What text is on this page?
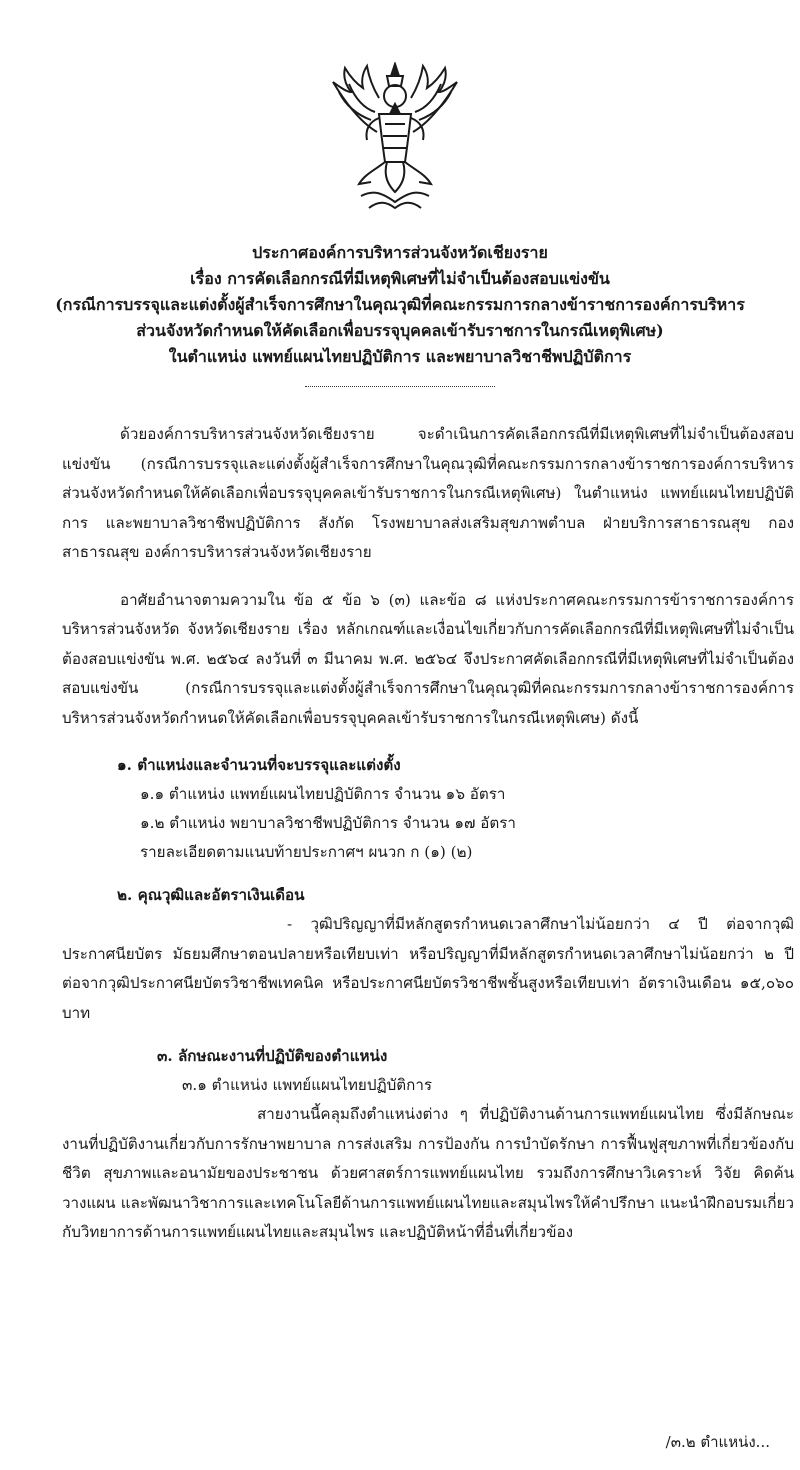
ประกาศองค์การบริหารส่วนจังหวัดเชียงราย
เรื่อง การคัดเลือกกรณีที่มีเหตุพิเศษที่ไม่จำเป็นต้องสอบแข่งขัน
(กรณีการบรรจุและแต่งตั้งผู้สำเร็จการศึกษาในคุณวุฒิที่คณะกรรมการกลางข้าราชการองค์การบริหาร
ส่วนจังหวัดกำหนดให้คัดเลือกเพื่อบรรจุบุคคลเข้ารับราชการในกรณีเหตุพิเศษ)
ในตำแหน่ง แพทย์แผนไทยปฏิบัติการ และพยาบาลวิชาชีพปฏิบัติการ

ด้วยองค์การบริหารส่วนจังหวัดเชียงราย จะดำเนินการคัดเลือกกรณีที่มีเหตุพิเศษที่ไม่จำเป็นต้องสอบแข่งขัน (กรณีการบรรจุและแต่งตั้งผู้สำเร็จการศึกษาในคุณวุฒิที่คณะกรรมการกลางข้าราชการองค์การบริหารส่วนจังหวัดกำหนดให้คัดเลือกเพื่อบรรจุบุคคลเข้ารับราชการในกรณีเหตุพิเศษ) ในตำแหน่ง แพทย์แผนไทยปฏิบัติการ และพยาบาลวิชาชีพปฏิบัติการ สังกัด โรงพยาบาลส่งเสริมสุขภาพตำบล ฝ่ายบริการสาธารณสุข กองสาธารณสุข องค์การบริหารส่วนจังหวัดเชียงราย

อาศัยอำนาจตามความใน ข้อ ๕ ข้อ ๖ (๓) และข้อ ๘ แห่งประกาศคณะกรรมการข้าราชการองค์การบริหารส่วนจังหวัด จังหวัดเชียงราย เรื่อง หลักเกณฑ์และเงื่อนไขเกี่ยวกับการคัดเลือกกรณีที่มีเหตุพิเศษที่ไม่จำเป็นต้องสอบแข่งขัน พ.ศ. ๒๕๖๔ ลงวันที่ ๓ มีนาคม พ.ศ. ๒๕๖๔ จึงประกาศคัดเลือกกรณีที่มีเหตุพิเศษที่ไม่จำเป็นต้องสอบแข่งขัน (กรณีการบรรจุและแต่งตั้งผู้สำเร็จการศึกษาในคุณวุฒิที่คณะกรรมการกลางข้าราชการองค์การบริหารส่วนจังหวัดกำหนดให้คัดเลือกเพื่อบรรจุบุคคลเข้ารับราชการในกรณีเหตุพิเศษ) ดังนี้

๑. ตำแหน่งและจำนวนที่จะบรรจุและแต่งตั้ง

๑.๑ ตำแหน่ง แพทย์แผนไทยปฏิบัติการ จำนวน ๑๖ อัตรา

๑.๒ ตำแหน่ง พยาบาลวิชาชีพปฏิบัติการ จำนวน ๑๗ อัตรา

รายละเอียดตามแนบท้ายประกาศฯ ผนวก ก (๑) (๒)

๒. คุณวุฒิและอัตราเงินเดือน

- วุฒิปริญญาที่มีหลักสูตรกำหนดเวลาศึกษาไม่น้อยกว่า ๔ ปี ต่อจากวุฒิประกาศนียบัตร มัธยมศึกษาตอนปลายหรือเทียบเท่า หรือปริญญาที่มีหลักสูตรกำหนดเวลาศึกษาไม่น้อยกว่า ๒ ปี ต่อจากวุฒิประกาศนียบัตรวิชาชีพเทคนิค หรือประกาศนียบัตรวิชาชีพชั้นสูงหรือเทียบเท่า อัตราเงินเดือน ๑๕,๐๖๐ บาท

๓. ลักษณะงานที่ปฏิบัติของตำแหน่ง

๓.๑ ตำแหน่ง แพทย์แผนไทยปฏิบัติการ

สายงานนี้คลุมถึงตำแหน่งต่าง ๆ ที่ปฏิบัติงานด้านการแพทย์แผนไทย ซึ่งมีลักษณะงานที่ปฏิบัติงานเกี่ยวกับการรักษาพยาบาล การส่งเสริม การป้องกัน การบำบัดรักษา การฟื้นฟูสุขภาพที่เกี่ยวข้องกับชีวิต สุขภาพและอนามัยของประชาชน ด้วยศาสตร์การแพทย์แผนไทย รวมถึงการศึกษาวิเคราะห์ วิจัย คิดค้น วางแผน และพัฒนาวิชาการและเทคโนโลยีด้านการแพทย์แผนไทยและสมุนไพรให้คำปรึกษา แนะนำฝึกอบรมเกี่ยวกับวิทยาการด้านการแพทย์แผนไทยและสมุนไพร และปฏิบัติหน้าที่อื่นที่เกี่ยวข้อง

/๓.๒ ตำแหน่ง...
